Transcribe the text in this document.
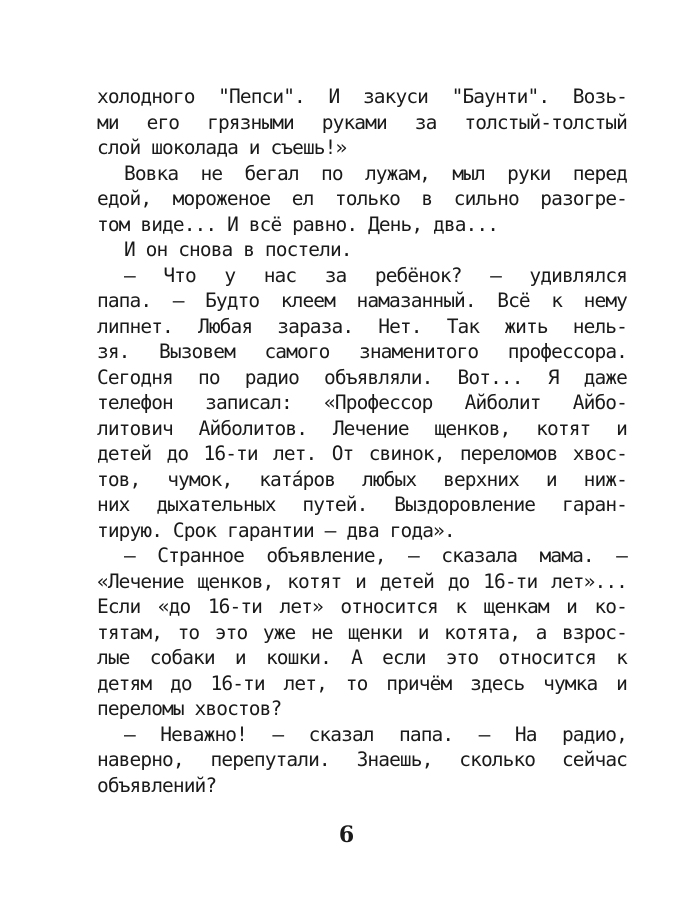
холодного "Пепси". И закуси "Баунти". Возь-
ми его грязными руками за толстый-толстый
слой шоколада и съешь!»
Вовка не бегал по лужам, мыл руки перед
едой, мороженое ел только в сильно разогре-
том виде... И всё равно. День, два...
И он снова в постели.
— Что у нас за ребёнок? — удивлялся
папа. — Будто клеем намазанный. Всё к нему
липнет. Любая зараза. Нет. Так жить нель-
зя. Вызовем самого знаменитого профессора.
Сегодня по радио объявляли. Вот... Я даже
телефон записал: «Профессор Айболит Айбо-
литович Айболитов. Лечение щенков, котят и
детей до 16-ти лет. От свинок, переломов хвос-
тов, чумок, ката́ров любых верхних и ниж-
них дыхательных путей. Выздоровление гаран-
тирую. Срок гарантии — два года».
— Странное объявление, — сказала мама. —
«Лечение щенков, котят и детей до 16-ти лет»...
Если «до 16-ти лет» относится к щенкам и ко-
тятам, то это уже не щенки и котята, а взрос-
лые собаки и кошки. А если это относится к
детям до 16-ти лет, то причём здесь чумка и
переломы хвостов?
— Неважно! — сказал папа. — На радио,
наверно, перепутали. Знаешь, сколько сейчас
объявлений?
6
